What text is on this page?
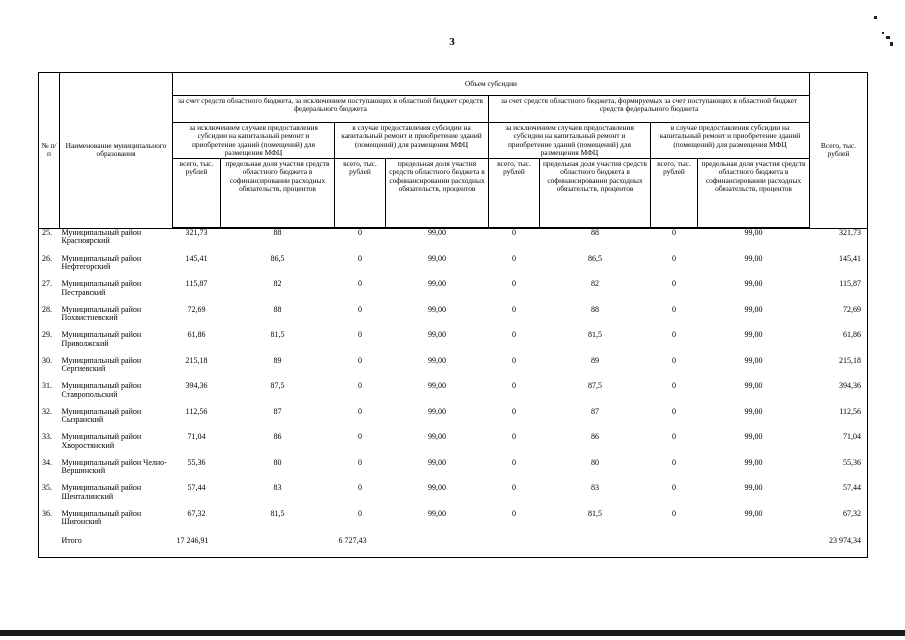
3
№ п/п	Наименование муниципального образования	Объем субсидии								Всего, тыс. рублей
		за счет средств областного бюджета, за исключением поступающих в областной бюджет средств федерального бюджета				за счет средств областного бюджета, формируемых за счет поступающих в областной бюджет средств федерального бюджета				
		за исключением случаев предоставления субсидии на капитальный ремонт и приобретение зданий (помещений) для размещения МФЦ		в случае предоставления субсидии на капитальный ремонт и приобретение зданий (помещений) для размещения МФЦ		за исключением случаев предоставления субсидии на капитальный ремонт и приобретение зданий (помещений) для размещения МФЦ		в случае предоставления субсидии на капитальный ремонт и приобретение зданий (помещений) для размещения МФЦ		
		всего, тыс. рублей	предельная доля участия средств областного бюджета в софинансировании расходных обязательств, процентов	всего, тыс. рублей	предельная доля участия средств областного бюджета в софинансировании расходных обязательств, процентов	всего, тыс. рублей	предельная доля участия средств областного бюджета в софинансировании расходных обязательств, процентов	всего, тыс. рублей	предельная доля участия средств областного бюджета в софинансировании расходных обязательств, процентов	
25.	Муниципальный район Красноярский	321,73	88	0	99,00	0	88	0	99,00	321,73
26.	Муниципальный район Нефтегорский	145,41	86,5	0	99,00	0	86,5	0	99,00	145,41
27.	Муниципальный район Пестравский	115,87	82	0	99,00	0	82	0	99,00	115,87
28.	Муниципальный район Похвистневский	72,69	88	0	99,00	0	88	0	99,00	72,69
29.	Муниципальный район Приволжский	61,86	81,5	0	99,00	0	81,5	0	99,00	61,86
30.	Муниципальный район Сергиевский	215,18	89	0	99,00	0	89	0	99,00	215,18
31.	Муниципальный район Ставропольский	394,36	87,5	0	99,00	0	87,5	0	99,00	394,36
32.	Муниципальный район Сызранский	112,56	87	0	99,00	0	87	0	99,00	112,56
33.	Муниципальный район Хворостянский	71,04	86	0	99,00	0	86	0	99,00	71,04
34.	Муниципальный район Челно-Вершинский	55,36	80	0	99,00	0	80	0	99,00	55,36
35.	Муниципальный район Шенталинский	57,44	83	0	99,00	0	83	0	99,00	57,44
36.	Муниципальный район Шигонский	67,32	81,5	0	99,00	0	81,5	0	99,00	67,32
	Итого	17 246,91		6 727,43						23 974,34
